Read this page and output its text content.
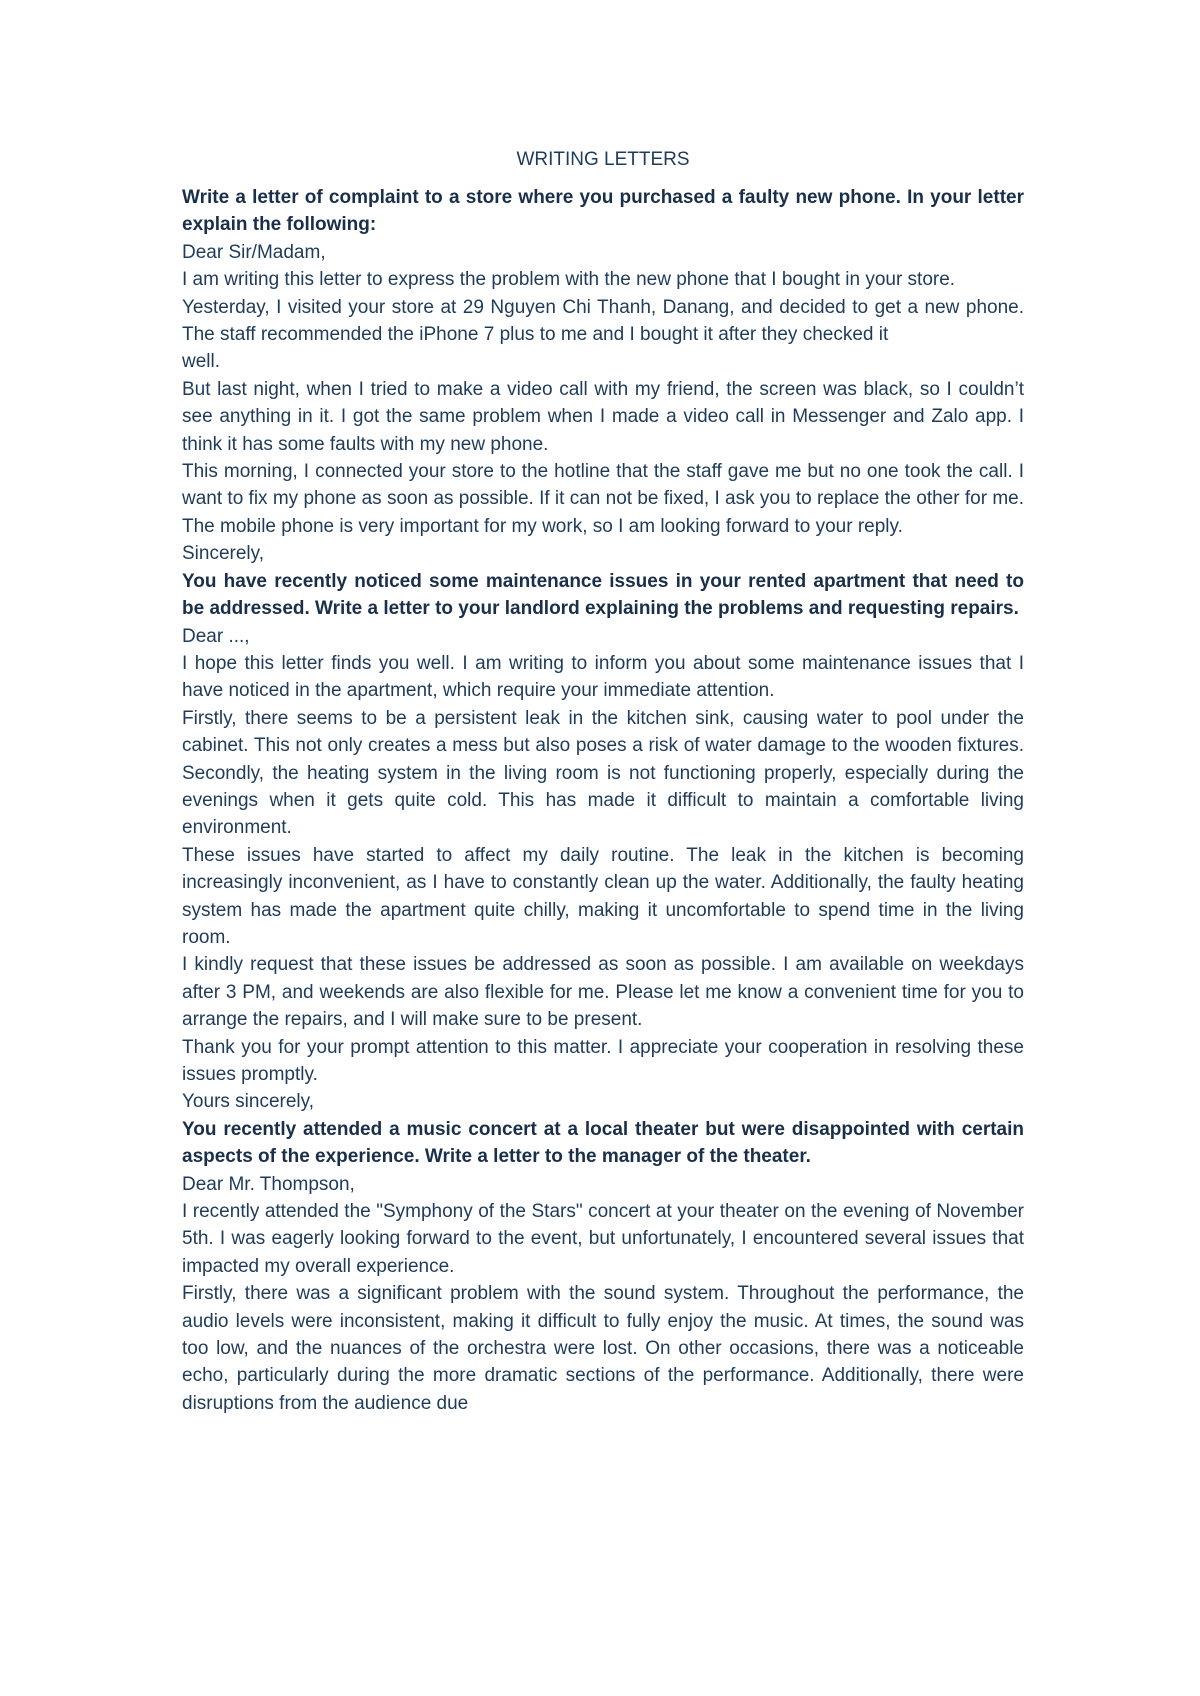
WRITING LETTERS

Write a letter of complaint to a store where you purchased a faulty new phone. In your letter explain the following:

Dear Sir/Madam,

I am writing this letter to express the problem with the new phone that I bought in your store.

Yesterday, I visited your store at 29 Nguyen Chi Thanh, Danang, and decided to get a new phone. The staff recommended the iPhone 7 plus to me and I bought it after they checked it

well.

But last night, when I tried to make a video call with my friend, the screen was black, so I couldn’t see anything in it. I got the same problem when I made a video call in Messenger and Zalo app. I think it has some faults with my new phone.

This morning, I connected your store to the hotline that the staff gave me but no one took the call. I want to fix my phone as soon as possible. If it can not be fixed, I ask you to replace the other for me. The mobile phone is very important for my work, so I am looking forward to your reply.

Sincerely,

You have recently noticed some maintenance issues in your rented apartment that need to be addressed. Write a letter to your landlord explaining the problems and requesting repairs.

Dear ...,

I hope this letter finds you well. I am writing to inform you about some maintenance issues that I have noticed in the apartment, which require your immediate attention.

Firstly, there seems to be a persistent leak in the kitchen sink, causing water to pool under the cabinet. This not only creates a mess but also poses a risk of water damage to the wooden fixtures. Secondly, the heating system in the living room is not functioning properly, especially during the evenings when it gets quite cold. This has made it difficult to maintain a comfortable living environment.

These issues have started to affect my daily routine. The leak in the kitchen is becoming increasingly inconvenient, as I have to constantly clean up the water. Additionally, the faulty heating system has made the apartment quite chilly, making it uncomfortable to spend time in the living room.

I kindly request that these issues be addressed as soon as possible. I am available on weekdays after 3 PM, and weekends are also flexible for me. Please let me know a convenient time for you to arrange the repairs, and I will make sure to be present.

Thank you for your prompt attention to this matter. I appreciate your cooperation in resolving these issues promptly.

Yours sincerely,

You recently attended a music concert at a local theater but were disappointed with certain aspects of the experience. Write a letter to the manager of the theater.

Dear Mr. Thompson,

I recently attended the "Symphony of the Stars" concert at your theater on the evening of November 5th. I was eagerly looking forward to the event, but unfortunately, I encountered several issues that impacted my overall experience.

Firstly, there was a significant problem with the sound system. Throughout the performance, the audio levels were inconsistent, making it difficult to fully enjoy the music. At times, the sound was too low, and the nuances of the orchestra were lost. On other occasions, there was a noticeable echo, particularly during the more dramatic sections of the performance. Additionally, there were disruptions from the audience due
